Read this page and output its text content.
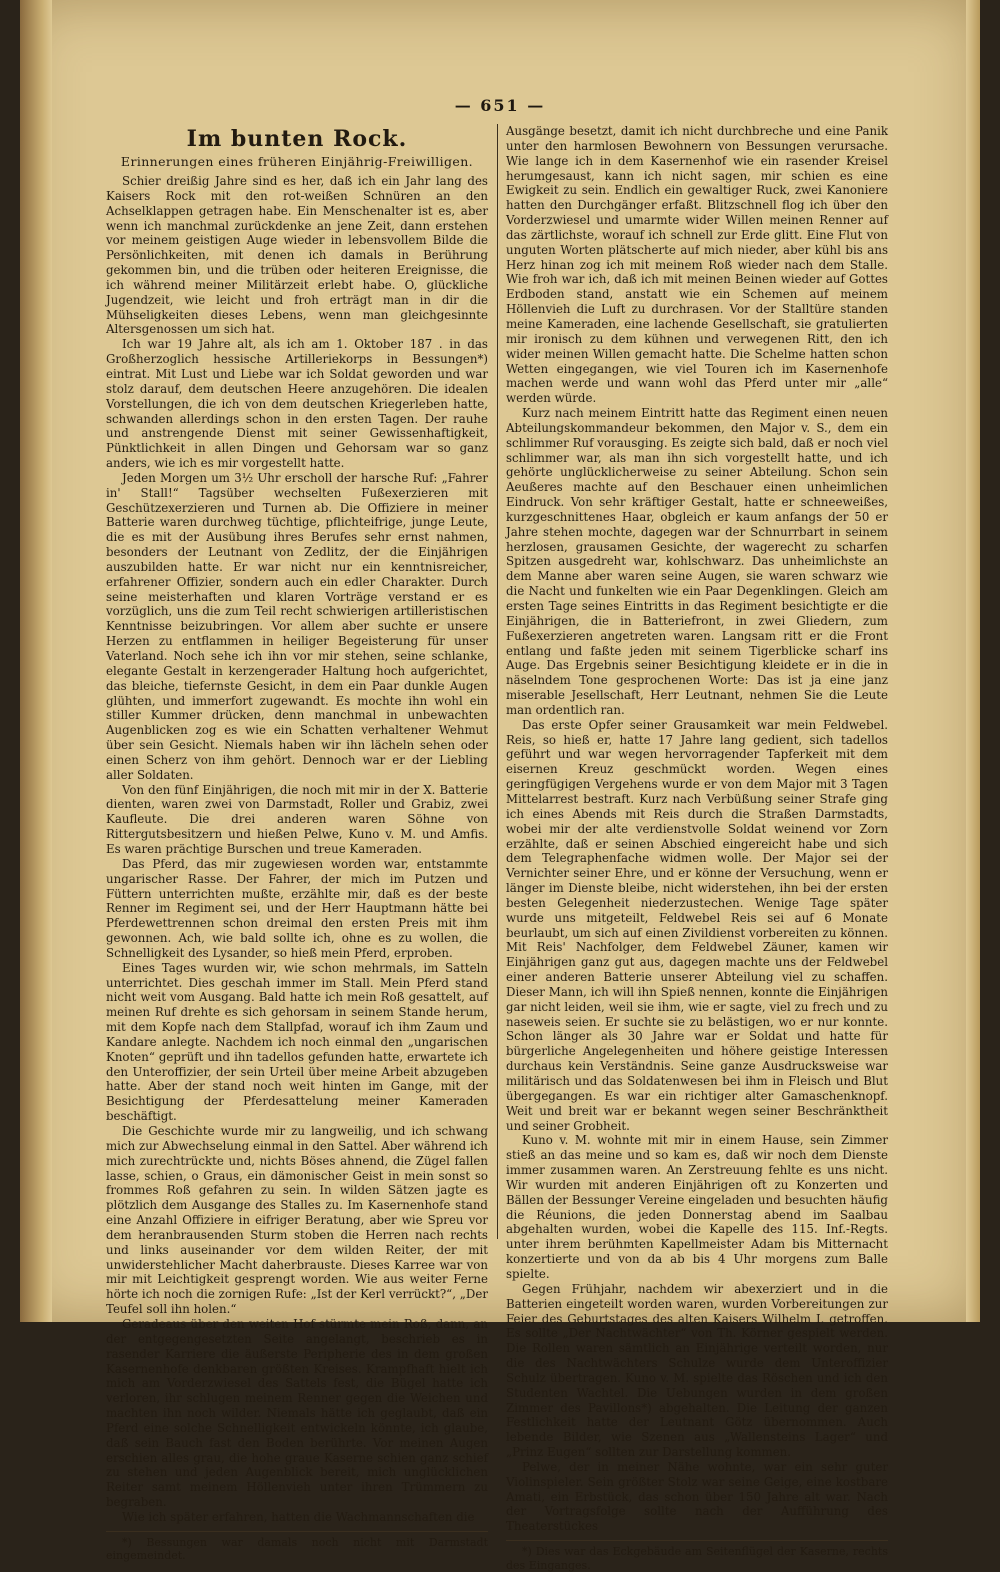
— 651 —
Im bunten Rock.
Erinnerungen eines früheren Einjährig-Freiwilligen.

Schier dreißig Jahre sind es her, daß ich ein Jahr lang des Kaisers Rock mit den rot-weißen Schnüren an den Achselklappen getragen habe. Ein Menschenalter ist es, aber wenn ich manchmal zurückdenke an jene Zeit, dann erstehen vor meinem geistigen Auge wieder in lebensvollem Bilde die Persönlichkeiten, mit denen ich damals in Berührung gekommen bin, und die trüben oder heiteren Ereignisse, die ich während meiner Militärzeit erlebt habe. O, glückliche Jugendzeit, wie leicht und froh erträgt man in dir die Mühseligkeiten dieses Lebens, wenn man gleichgesinnte Altersgenossen um sich hat.

Ich war 19 Jahre alt, als ich am 1. Oktober 187 . in das Großherzoglich hessische Artilleriekorps in Bessungen*) eintrat. Mit Lust und Liebe war ich Soldat geworden und war stolz darauf, dem deutschen Heere anzugehören. Die idealen Vorstellungen, die ich von dem deutschen Kriegerleben hatte, schwanden allerdings schon in den ersten Tagen. Der rauhe und anstrengende Dienst mit seiner Gewissenhaftigkeit, Pünktlichkeit in allen Dingen und Gehorsam war so ganz anders, wie ich es mir vorgestellt hatte.

Jeden Morgen um 3½ Uhr erscholl der harsche Ruf: „Fahrer in' Stall!“ Tagsüber wechselten Fußexerzieren mit Geschützexerzieren und Turnen ab. Die Offiziere in meiner Batterie waren durchweg tüchtige, pflichteifrige, junge Leute, die es mit der Ausübung ihres Berufes sehr ernst nahmen, besonders der Leutnant von Zedlitz, der die Einjährigen auszubilden hatte. Er war nicht nur ein kenntnisreicher, erfahrener Offizier, sondern auch ein edler Charakter. Durch seine meisterhaften und klaren Vorträge verstand er es vorzüglich, uns die zum Teil recht schwierigen artilleristischen Kenntnisse beizubringen. Vor allem aber suchte er unsere Herzen zu entflammen in heiliger Begeisterung für unser Vaterland. Noch sehe ich ihn vor mir stehen, seine schlanke, elegante Gestalt in kerzengerader Haltung hoch aufgerichtet, das bleiche, tiefernste Gesicht, in dem ein Paar dunkle Augen glühten, und immerfort zugewandt. Es mochte ihn wohl ein stiller Kummer drücken, denn manchmal in unbewachten Augenblicken zog es wie ein Schatten verhaltener Wehmut über sein Gesicht. Niemals haben wir ihn lächeln sehen oder einen Scherz von ihm gehört. Dennoch war er der Liebling aller Soldaten.

Von den fünf Einjährigen, die noch mit mir in der X. Batterie dienten, waren zwei von Darmstadt, Roller und Grabiz, zwei Kaufleute. Die drei anderen waren Söhne von Rittergutsbesitzern und hießen Pelwe, Kuno v. M. und Amfis. Es waren prächtige Burschen und treue Kameraden.

Das Pferd, das mir zugewiesen worden war, entstammte ungarischer Rasse. Der Fahrer, der mich im Putzen und Füttern unterrichten mußte, erzählte mir, daß es der beste Renner im Regiment sei, und der Herr Hauptmann hätte bei Pferdewettrennen schon dreimal den ersten Preis mit ihm gewonnen. Ach, wie bald sollte ich, ohne es zu wollen, die Schnelligkeit des Lysander, so hieß mein Pferd, erproben.

Eines Tages wurden wir, wie schon mehrmals, im Satteln unterrichtet. Dies geschah immer im Stall. Mein Pferd stand nicht weit vom Ausgang. Bald hatte ich mein Roß gesattelt, auf meinen Ruf drehte es sich gehorsam in seinem Stande herum, mit dem Kopfe nach dem Stallpfad, worauf ich ihm Zaum und Kandare anlegte. Nachdem ich noch einmal den „ungarischen Knoten“ geprüft und ihn tadellos gefunden hatte, erwartete ich den Unteroffizier, der sein Urteil über meine Arbeit abzugeben hatte. Aber der stand noch weit hinten im Gange, mit der Besichtigung der Pferdesattelung meiner Kameraden beschäftigt.

Die Geschichte wurde mir zu langweilig, und ich schwang mich zur Abwechselung einmal in den Sattel. Aber während ich mich zurechtrückte und, nichts Böses ahnend, die Zügel fallen lasse, schien, o Graus, ein dämonischer Geist in mein sonst so frommes Roß gefahren zu sein. In wilden Sätzen jagte es plötzlich dem Ausgange des Stalles zu. Im Kasernenhofe stand eine Anzahl Offiziere in eifriger Beratung, aber wie Spreu vor dem heranbrausenden Sturm stoben die Herren nach rechts und links auseinander vor dem wilden Reiter, der mit unwiderstehlicher Macht daherbrauste. Dieses Karree war von mir mit Leichtigkeit gesprengt worden. Wie aus weiter Ferne hörte ich noch die zornigen Rufe: „Ist der Kerl verrückt?“, „Der Teufel soll ihn holen.“

Geradeaus über den weiten Hof stürmte mein Roß, dann, an der entgegengesetzten Seite angelangt, beschrieb es in rasender Karriere die äußerste Peripherie des in dem großen Kasernenhofe denkbaren größten Kreises. Krampfhaft hielt ich mich am Vorderzwiesel des Sattels fest, die Bügel hatte ich verloren, ihr schlugen meinem Renner gegen die Weichen und machten ihn noch wilder. Niemals hätte ich geglaubt, daß ein Pferd eine solche Schnelligkeit entwickeln könnte, ich glaube, daß sein Bauch fast den Boden berührte. Vor meinen Augen erschien alles grau, die hohe graue Kaserne schien ganz schief zu stehen und jeden Augenblick bereit, mich unglücklichen Reiter samt meinem Höllenvieh unter ihren Trümmern zu begraben.

Wie ich später erfahren, hatten die Wachmannschaften die

*) Bessungen war damals noch nicht mit Darmstadt eingemeindet.

Ausgänge besetzt, damit ich nicht durchbreche und eine Panik unter den harmlosen Bewohnern von Bessungen verursache. Wie lange ich in dem Kasernenhof wie ein rasender Kreisel herumgesaust, kann ich nicht sagen, mir schien es eine Ewigkeit zu sein. Endlich ein gewaltiger Ruck, zwei Kanoniere hatten den Durchgänger erfaßt. Blitzschnell flog ich über den Vorderzwiesel und umarmte wider Willen meinen Renner auf das zärtlichste, worauf ich schnell zur Erde glitt. Eine Flut von unguten Worten plätscherte auf mich nieder, aber kühl bis ans Herz hinan zog ich mit meinem Roß wieder nach dem Stalle. Wie froh war ich, daß ich mit meinen Beinen wieder auf Gottes Erdboden stand, anstatt wie ein Schemen auf meinem Höllenvieh die Luft zu durchrasen. Vor der Stalltüre standen meine Kameraden, eine lachende Gesellschaft, sie gratulierten mir ironisch zu dem kühnen und verwegenen Ritt, den ich wider meinen Willen gemacht hatte. Die Schelme hatten schon Wetten eingegangen, wie viel Touren ich im Kasernenhofe machen werde und wann wohl das Pferd unter mir „alle“ werden würde.

Kurz nach meinem Eintritt hatte das Regiment einen neuen Abteilungskommandeur bekommen, den Major v. S., dem ein schlimmer Ruf vorausging. Es zeigte sich bald, daß er noch viel schlimmer war, als man ihn sich vorgestellt hatte, und ich gehörte unglücklicherweise zu seiner Abteilung. Schon sein Aeußeres machte auf den Beschauer einen unheimlichen Eindruck. Von sehr kräftiger Gestalt, hatte er schneeweißes, kurzgeschnittenes Haar, obgleich er kaum anfangs der 50 er Jahre stehen mochte, dagegen war der Schnurrbart in seinem herzlosen, grausamen Gesichte, der wagerecht zu scharfen Spitzen ausgedreht war, kohlschwarz. Das unheimlichste an dem Manne aber waren seine Augen, sie waren schwarz wie die Nacht und funkelten wie ein Paar Degenklingen. Gleich am ersten Tage seines Eintritts in das Regiment besichtigte er die Einjährigen, die in Batteriefront, in zwei Gliedern, zum Fußexerzieren angetreten waren. Langsam ritt er die Front entlang und faßte jeden mit seinem Tigerblicke scharf ins Auge. Das Ergebnis seiner Besichtigung kleidete er in die in näselndem Tone gesprochenen Worte: Das ist ja eine janz miserable Jesellschaft, Herr Leutnant, nehmen Sie die Leute man ordentlich ran.

Das erste Opfer seiner Grausamkeit war mein Feldwebel. Reis, so hieß er, hatte 17 Jahre lang gedient, sich tadellos geführt und war wegen hervorragender Tapferkeit mit dem eisernen Kreuz geschmückt worden. Wegen eines geringfügigen Vergehens wurde er von dem Major mit 3 Tagen Mittelarrest bestraft. Kurz nach Verbüßung seiner Strafe ging ich eines Abends mit Reis durch die Straßen Darmstadts, wobei mir der alte verdienstvolle Soldat weinend vor Zorn erzählte, daß er seinen Abschied eingereicht habe und sich dem Telegraphenfache widmen wolle. Der Major sei der Vernichter seiner Ehre, und er könne der Versuchung, wenn er länger im Dienste bleibe, nicht widerstehen, ihn bei der ersten besten Gelegenheit niederzustechen. Wenige Tage später wurde uns mitgeteilt, Feldwebel Reis sei auf 6 Monate beurlaubt, um sich auf einen Zivildienst vorbereiten zu können. Mit Reis' Nachfolger, dem Feldwebel Zäuner, kamen wir Einjährigen ganz gut aus, dagegen machte uns der Feldwebel einer anderen Batterie unserer Abteilung viel zu schaffen. Dieser Mann, ich will ihn Spieß nennen, konnte die Einjährigen gar nicht leiden, weil sie ihm, wie er sagte, viel zu frech und zu naseweis seien. Er suchte sie zu belästigen, wo er nur konnte. Schon länger als 30 Jahre war er Soldat und hatte für bürgerliche Angelegenheiten und höhere geistige Interessen durchaus kein Verständnis. Seine ganze Ausdrucksweise war militärisch und das Soldatenwesen bei ihm in Fleisch und Blut übergegangen. Es war ein richtiger alter Gamaschenknopf. Weit und breit war er bekannt wegen seiner Beschränktheit und seiner Grobheit.

Kuno v. M. wohnte mit mir in einem Hause, sein Zimmer stieß an das meine und so kam es, daß wir noch dem Dienste immer zusammen waren. An Zerstreuung fehlte es uns nicht. Wir wurden mit anderen Einjährigen oft zu Konzerten und Bällen der Bessunger Vereine eingeladen und besuchten häufig die Réunions, die jeden Donnerstag abend im Saalbau abgehalten wurden, wobei die Kapelle des 115. Inf.-Regts. unter ihrem berühmten Kapellmeister Adam bis Mitternacht konzertierte und von da ab bis 4 Uhr morgens zum Balle spielte.

Gegen Frühjahr, nachdem wir abexerziert und in die Batterien eingeteilt worden waren, wurden Vorbereitungen zur Feier des Geburtstages des alten Kaisers Wilhelm I. getroffen. Es sollte „Der Nachtwächter“ von Th. Körner gespielt werden. Die Rollen waren sämtlich an Einjährige verteilt worden, nur die des Nachtwächters Schulze wurde dem Unteroffizier Schulz übertragen. Kuno v. M. spielte das Röschen und ich den Studenten Wachtel. Die Uebungen wurden in dem großen Zimmer des Pavillons*) abgehalten. Die Leitung der ganzen Festlichkeit hatte der Leutnant Götz übernommen. Auch lebende Bilder, wie Szenen aus „Wallensteins Lager“ und „Prinz Eugen“ sollten zur Darstellung kommen.

Pelwe, der in meiner Nähe wohnte, war ein sehr guter Violinspieler. Sein größter Stolz war seine Geige, eine kostbare Amati, ein Erbstück, das schon über 150 Jahre alt war. Nach der Vortragsfolge sollte nach der Aufführung des Theaterstückes

*) Dies war das Eckgebäude am Seitenflügel der Kaserne, rechts des Einganges.
